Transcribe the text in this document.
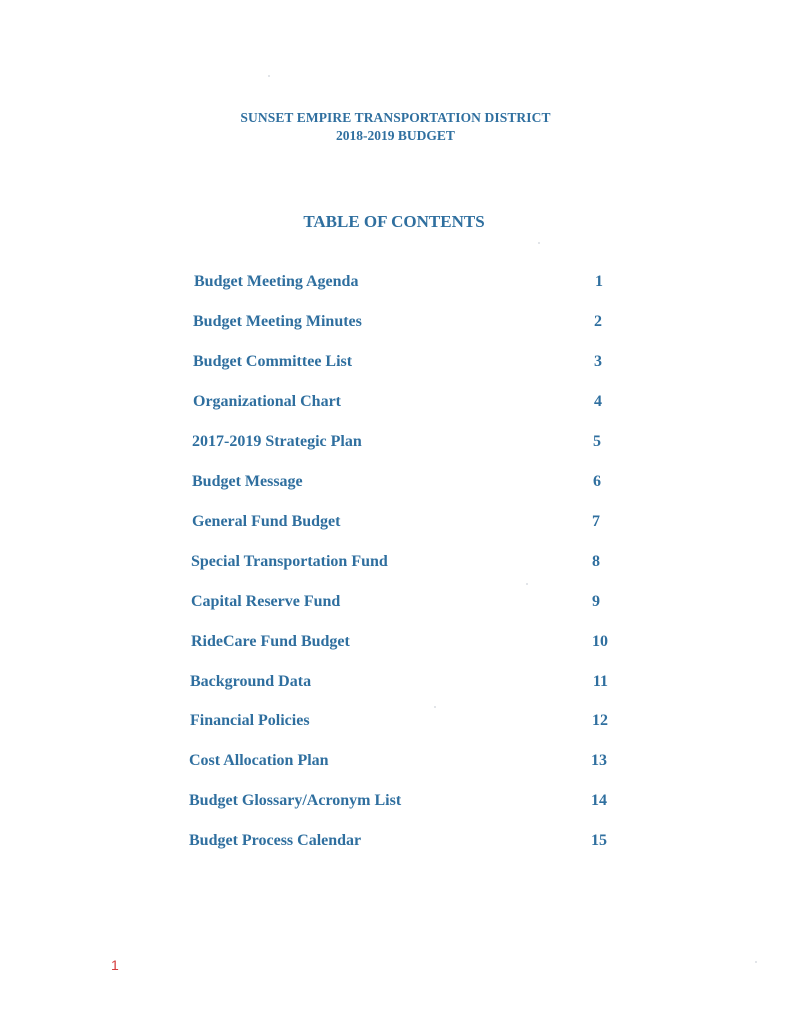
SUNSET EMPIRE TRANSPORTATION DISTRICT
2018-2019 BUDGET
TABLE OF CONTENTS
Budget Meeting Agenda	1
Budget Meeting Minutes	2
Budget Committee List	3
Organizational Chart	4
2017-2019 Strategic Plan	5
Budget Message	6
General Fund Budget	7
Special Transportation Fund	8
Capital Reserve Fund	9
RideCare Fund Budget	10
Background Data	11
Financial Policies	12
Cost Allocation Plan	13
Budget Glossary/Acronym List	14
Budget Process Calendar	15
1
